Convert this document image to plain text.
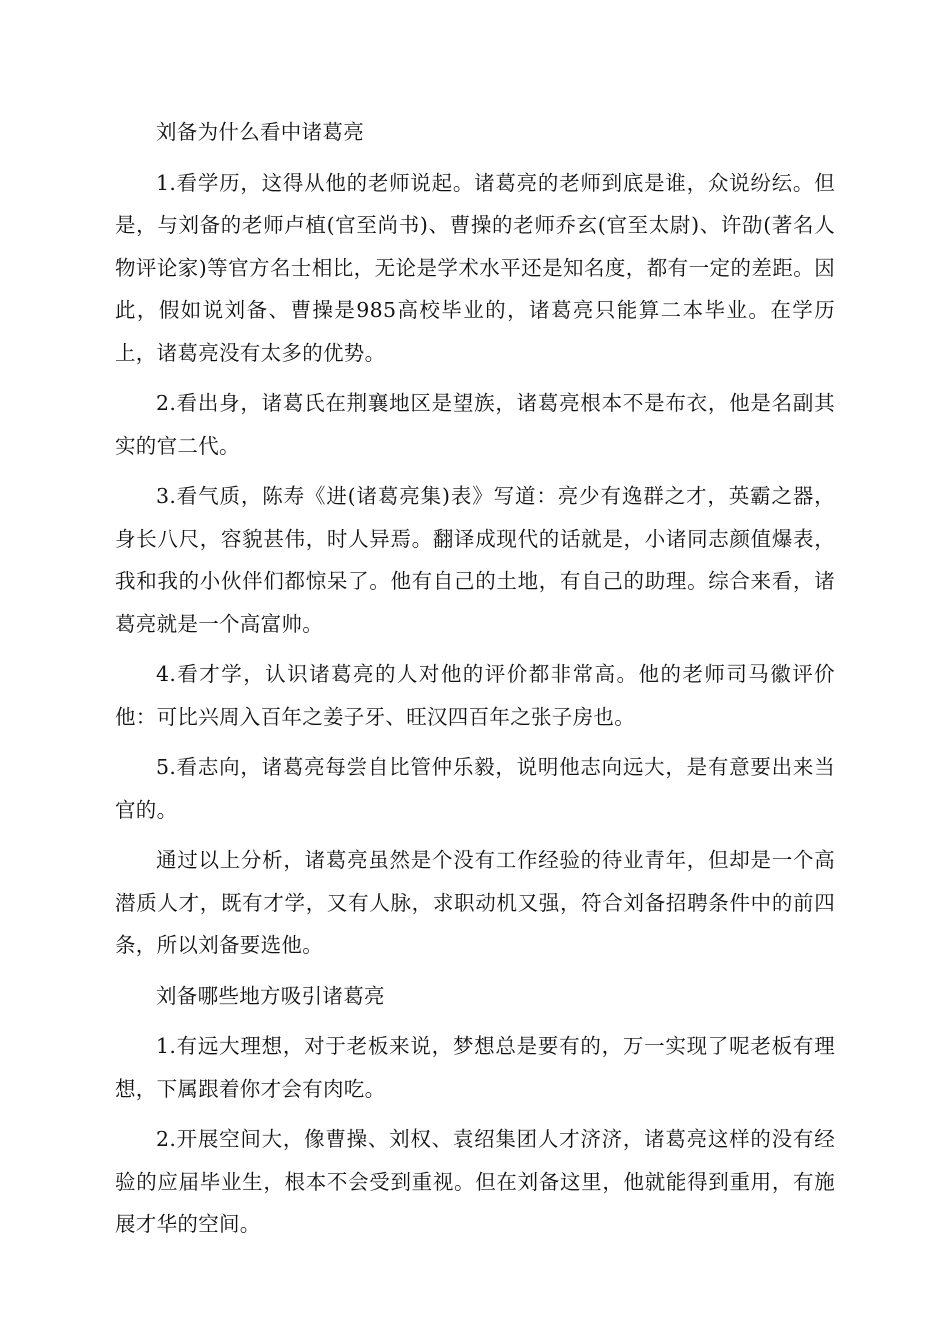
刘备为什么看中诸葛亮

1.看学历，这得从他的老师说起。诸葛亮的老师到底是谁，众说纷纭。但是，与刘备的老师卢植(官至尚书)、曹操的老师乔玄(官至太尉)、许劭(著名人物评论家)等官方名士相比，无论是学术水平还是知名度，都有一定的差距。因此，假如说刘备、曹操是985高校毕业的，诸葛亮只能算二本毕业。在学历上，诸葛亮没有太多的优势。

2.看出身，诸葛氏在荆襄地区是望族，诸葛亮根本不是布衣，他是名副其实的官二代。

3.看气质，陈寿《进(诸葛亮集)表》写道：亮少有逸群之才，英霸之器，身长八尺，容貌甚伟，时人异焉。翻译成现代的话就是，小诸同志颜值爆表，我和我的小伙伴们都惊呆了。他有自己的土地，有自己的助理。综合来看，诸葛亮就是一个高富帅。

4.看才学，认识诸葛亮的人对他的评价都非常高。他的老师司马徽评价他：可比兴周入百年之姜子牙、旺汉四百年之张子房也。

5.看志向，诸葛亮每尝自比管仲乐毅，说明他志向远大，是有意要出来当官的。

通过以上分析，诸葛亮虽然是个没有工作经验的待业青年，但却是一个高潜质人才，既有才学，又有人脉，求职动机又强，符合刘备招聘条件中的前四条，所以刘备要选他。

刘备哪些地方吸引诸葛亮

1.有远大理想，对于老板来说，梦想总是要有的，万一实现了呢老板有理想，下属跟着你才会有肉吃。

2.开展空间大，像曹操、刘权、袁绍集团人才济济，诸葛亮这样的没有经验的应届毕业生，根本不会受到重视。但在刘备这里，他就能得到重用，有施展才华的空间。
